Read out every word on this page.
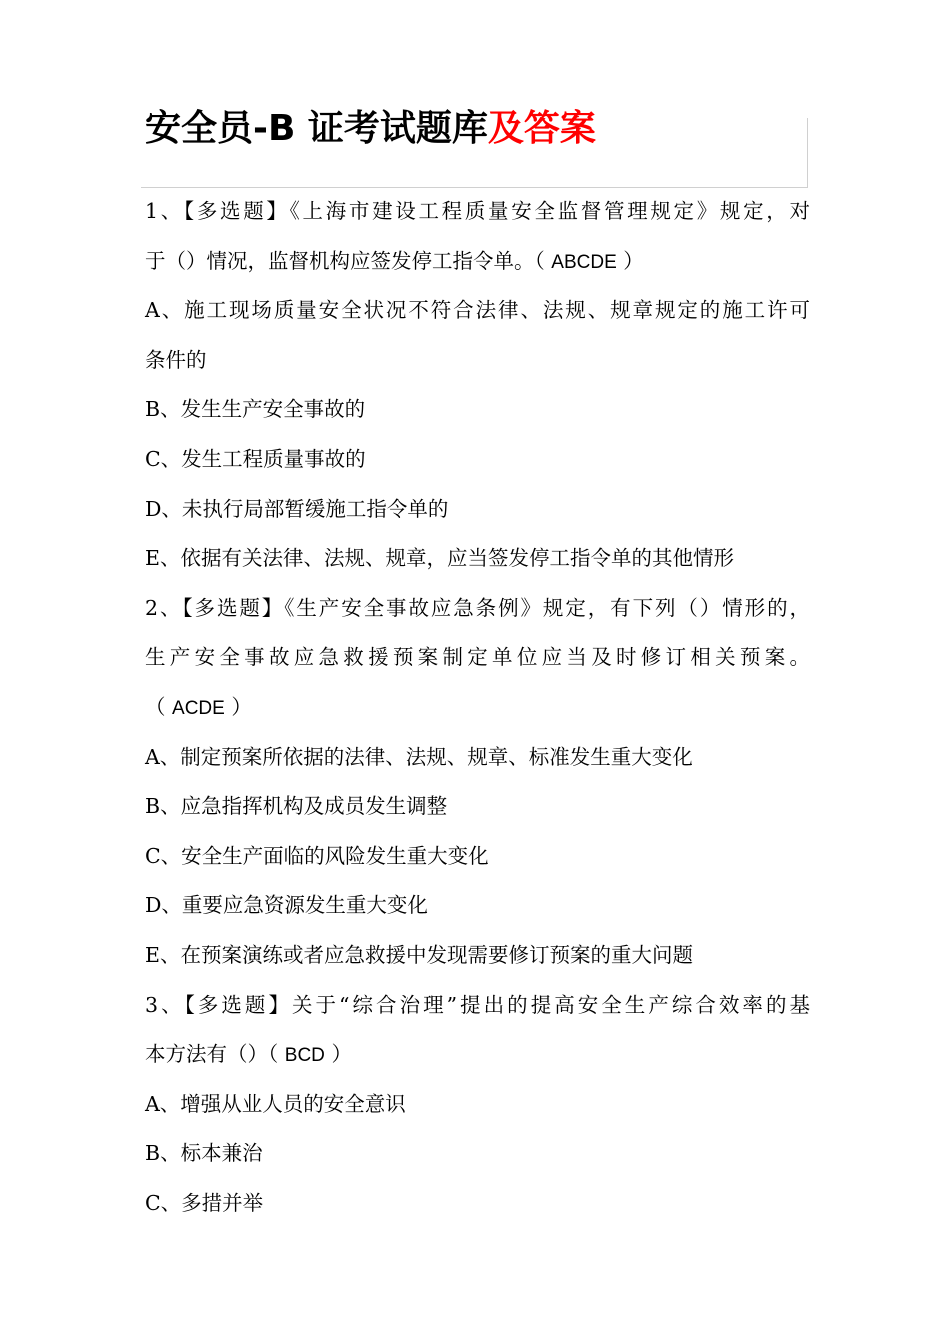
安全员-B 证考试题库及答案
1、【多选题】《上海市建设工程质量安全监督管理规定》规定，对
于（）情况，监督机构应签发停工指令单。（ ABCDE ）
A、施工现场质量安全状况不符合法律、法规、规章规定的施工许可
条件的
B、发生生产安全事故的
C、发生工程质量事故的
D、未执行局部暂缓施工指令单的
E、依据有关法律、法规、规章，应当签发停工指令单的其他情形
2、【多选题】《生产安全事故应急条例》规定，有下列（）情形的，
生产安全事故应急救援预案制定单位应当及时修订相关预案。
（ ACDE ）
A、制定预案所依据的法律、法规、规章、标准发生重大变化
B、应急指挥机构及成员发生调整
C、安全生产面临的风险发生重大变化
D、重要应急资源发生重大变化
E、在预案演练或者应急救援中发现需要修订预案的重大问题
3、【多选题】关于“综合治理”提出的提高安全生产综合效率的基
本方法有（）（ BCD ）
A、增强从业人员的安全意识
B、标本兼治
C、多措并举
